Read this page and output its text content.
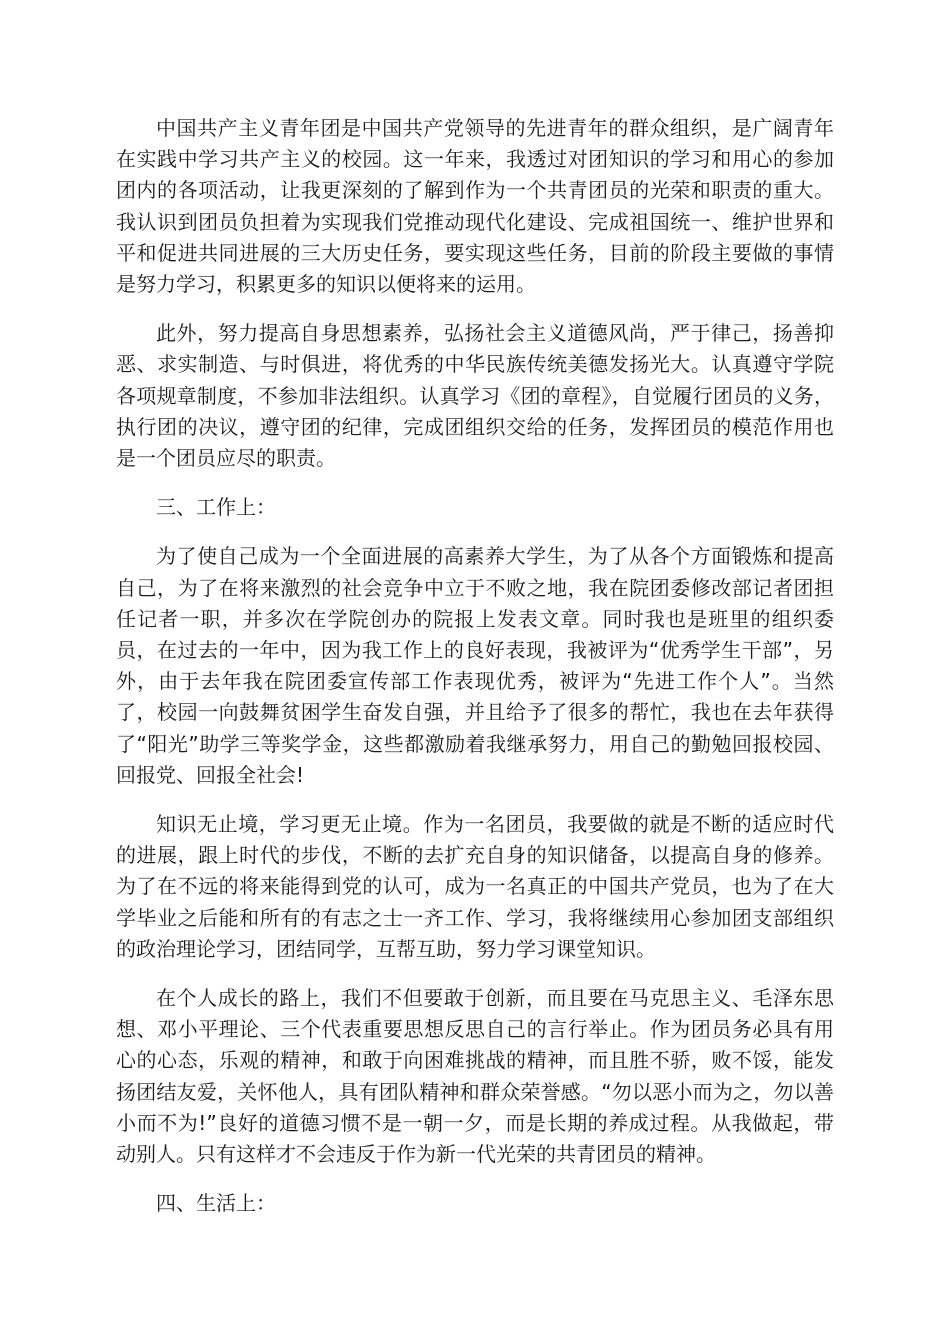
中国共产主义青年团是中国共产党领导的先进青年的群众组织，是广阔青年在实践中学习共产主义的校园。这一年来，我透过对团知识的学习和用心的参加团内的各项活动，让我更深刻的了解到作为一个共青团员的光荣和职责的重大。我认识到团员负担着为实现我们党推动现代化建设、完成祖国统一、维护世界和平和促进共同进展的三大历史任务，要实现这些任务，目前的阶段主要做的事情是努力学习，积累更多的知识以便将来的运用。

此外，努力提高自身思想素养，弘扬社会主义道德风尚，严于律己，扬善抑恶、求实制造、与时俱进，将优秀的中华民族传统美德发扬光大。认真遵守学院各项规章制度，不参加非法组织。认真学习《团的章程》，自觉履行团员的义务，执行团的决议，遵守团的纪律，完成团组织交给的任务，发挥团员的模范作用也是一个团员应尽的职责。

三、工作上：

为了使自己成为一个全面进展的高素养大学生，为了从各个方面锻炼和提高自己，为了在将来激烈的社会竞争中立于不败之地，我在院团委修改部记者团担任记者一职，并多次在学院创办的院报上发表文章。同时我也是班里的组织委员，在过去的一年中，因为我工作上的良好表现，我被评为“优秀学生干部”，另外，由于去年我在院团委宣传部工作表现优秀，被评为“先进工作个人”。当然了，校园一向鼓舞贫困学生奋发自强，并且给予了很多的帮忙，我也在去年获得了“阳光”助学三等奖学金，这些都激励着我继承努力，用自己的勤勉回报校园、回报党、回报全社会!

知识无止境，学习更无止境。作为一名团员，我要做的就是不断的适应时代的进展，跟上时代的步伐，不断的去扩充自身的知识储备，以提高自身的修养。为了在不远的将来能得到党的认可，成为一名真正的中国共产党员，也为了在大学毕业之后能和所有的有志之士一齐工作、学习，我将继续用心参加团支部组织的政治理论学习，团结同学，互帮互助，努力学习课堂知识。

在个人成长的路上，我们不但要敢于创新，而且要在马克思主义、毛泽东思想、邓小平理论、三个代表重要思想反思自己的言行举止。作为团员务必具有用心的心态，乐观的精神，和敢于向困难挑战的精神，而且胜不骄，败不馁，能发扬团结友爱，关怀他人，具有团队精神和群众荣誉感。“勿以恶小而为之，勿以善小而不为!”良好的道德习惯不是一朝一夕，而是长期的养成过程。从我做起，带动别人。只有这样才不会违反于作为新一代光荣的共青团员的精神。

四、生活上：
